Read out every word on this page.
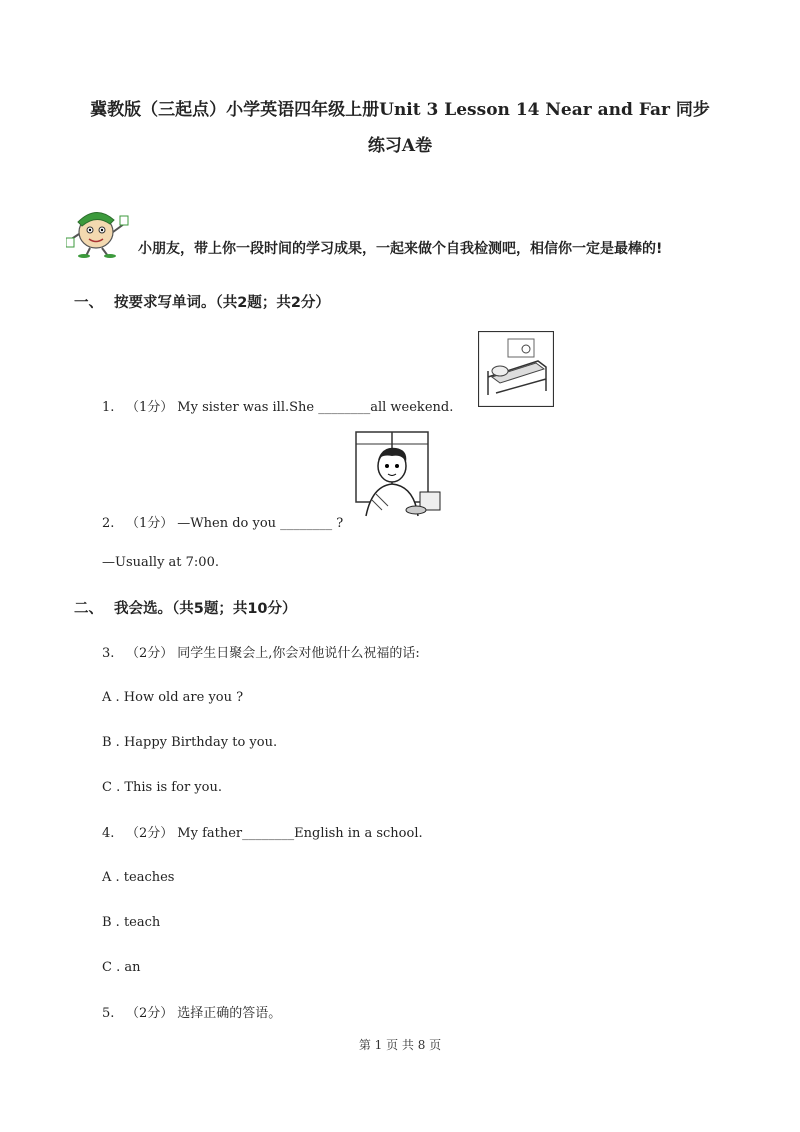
冀教版（三起点）小学英语四年级上册Unit 3 Lesson 14 Near and Far 同步
练习A卷
小朋友，带上你一段时间的学习成果，一起来做个自我检测吧，相信你一定是最棒的!
一、 按要求写单词。（共2题；共2分）
1. （1分） My sister was ill.She ________all weekend.
2. （1分） —When do you ________ ?
—Usually at 7:00.
二、 我会选。（共5题；共10分）
3. （2分） 同学生日聚会上,你会对他说什么祝福的话:
A . How old are you ?
B . Happy Birthday to you.
C . This is for you.
4. （2分） My father________English in a school.
A . teaches
B . teach
C . an
5. （2分） 选择正确的答语。
第 1 页 共 8 页
